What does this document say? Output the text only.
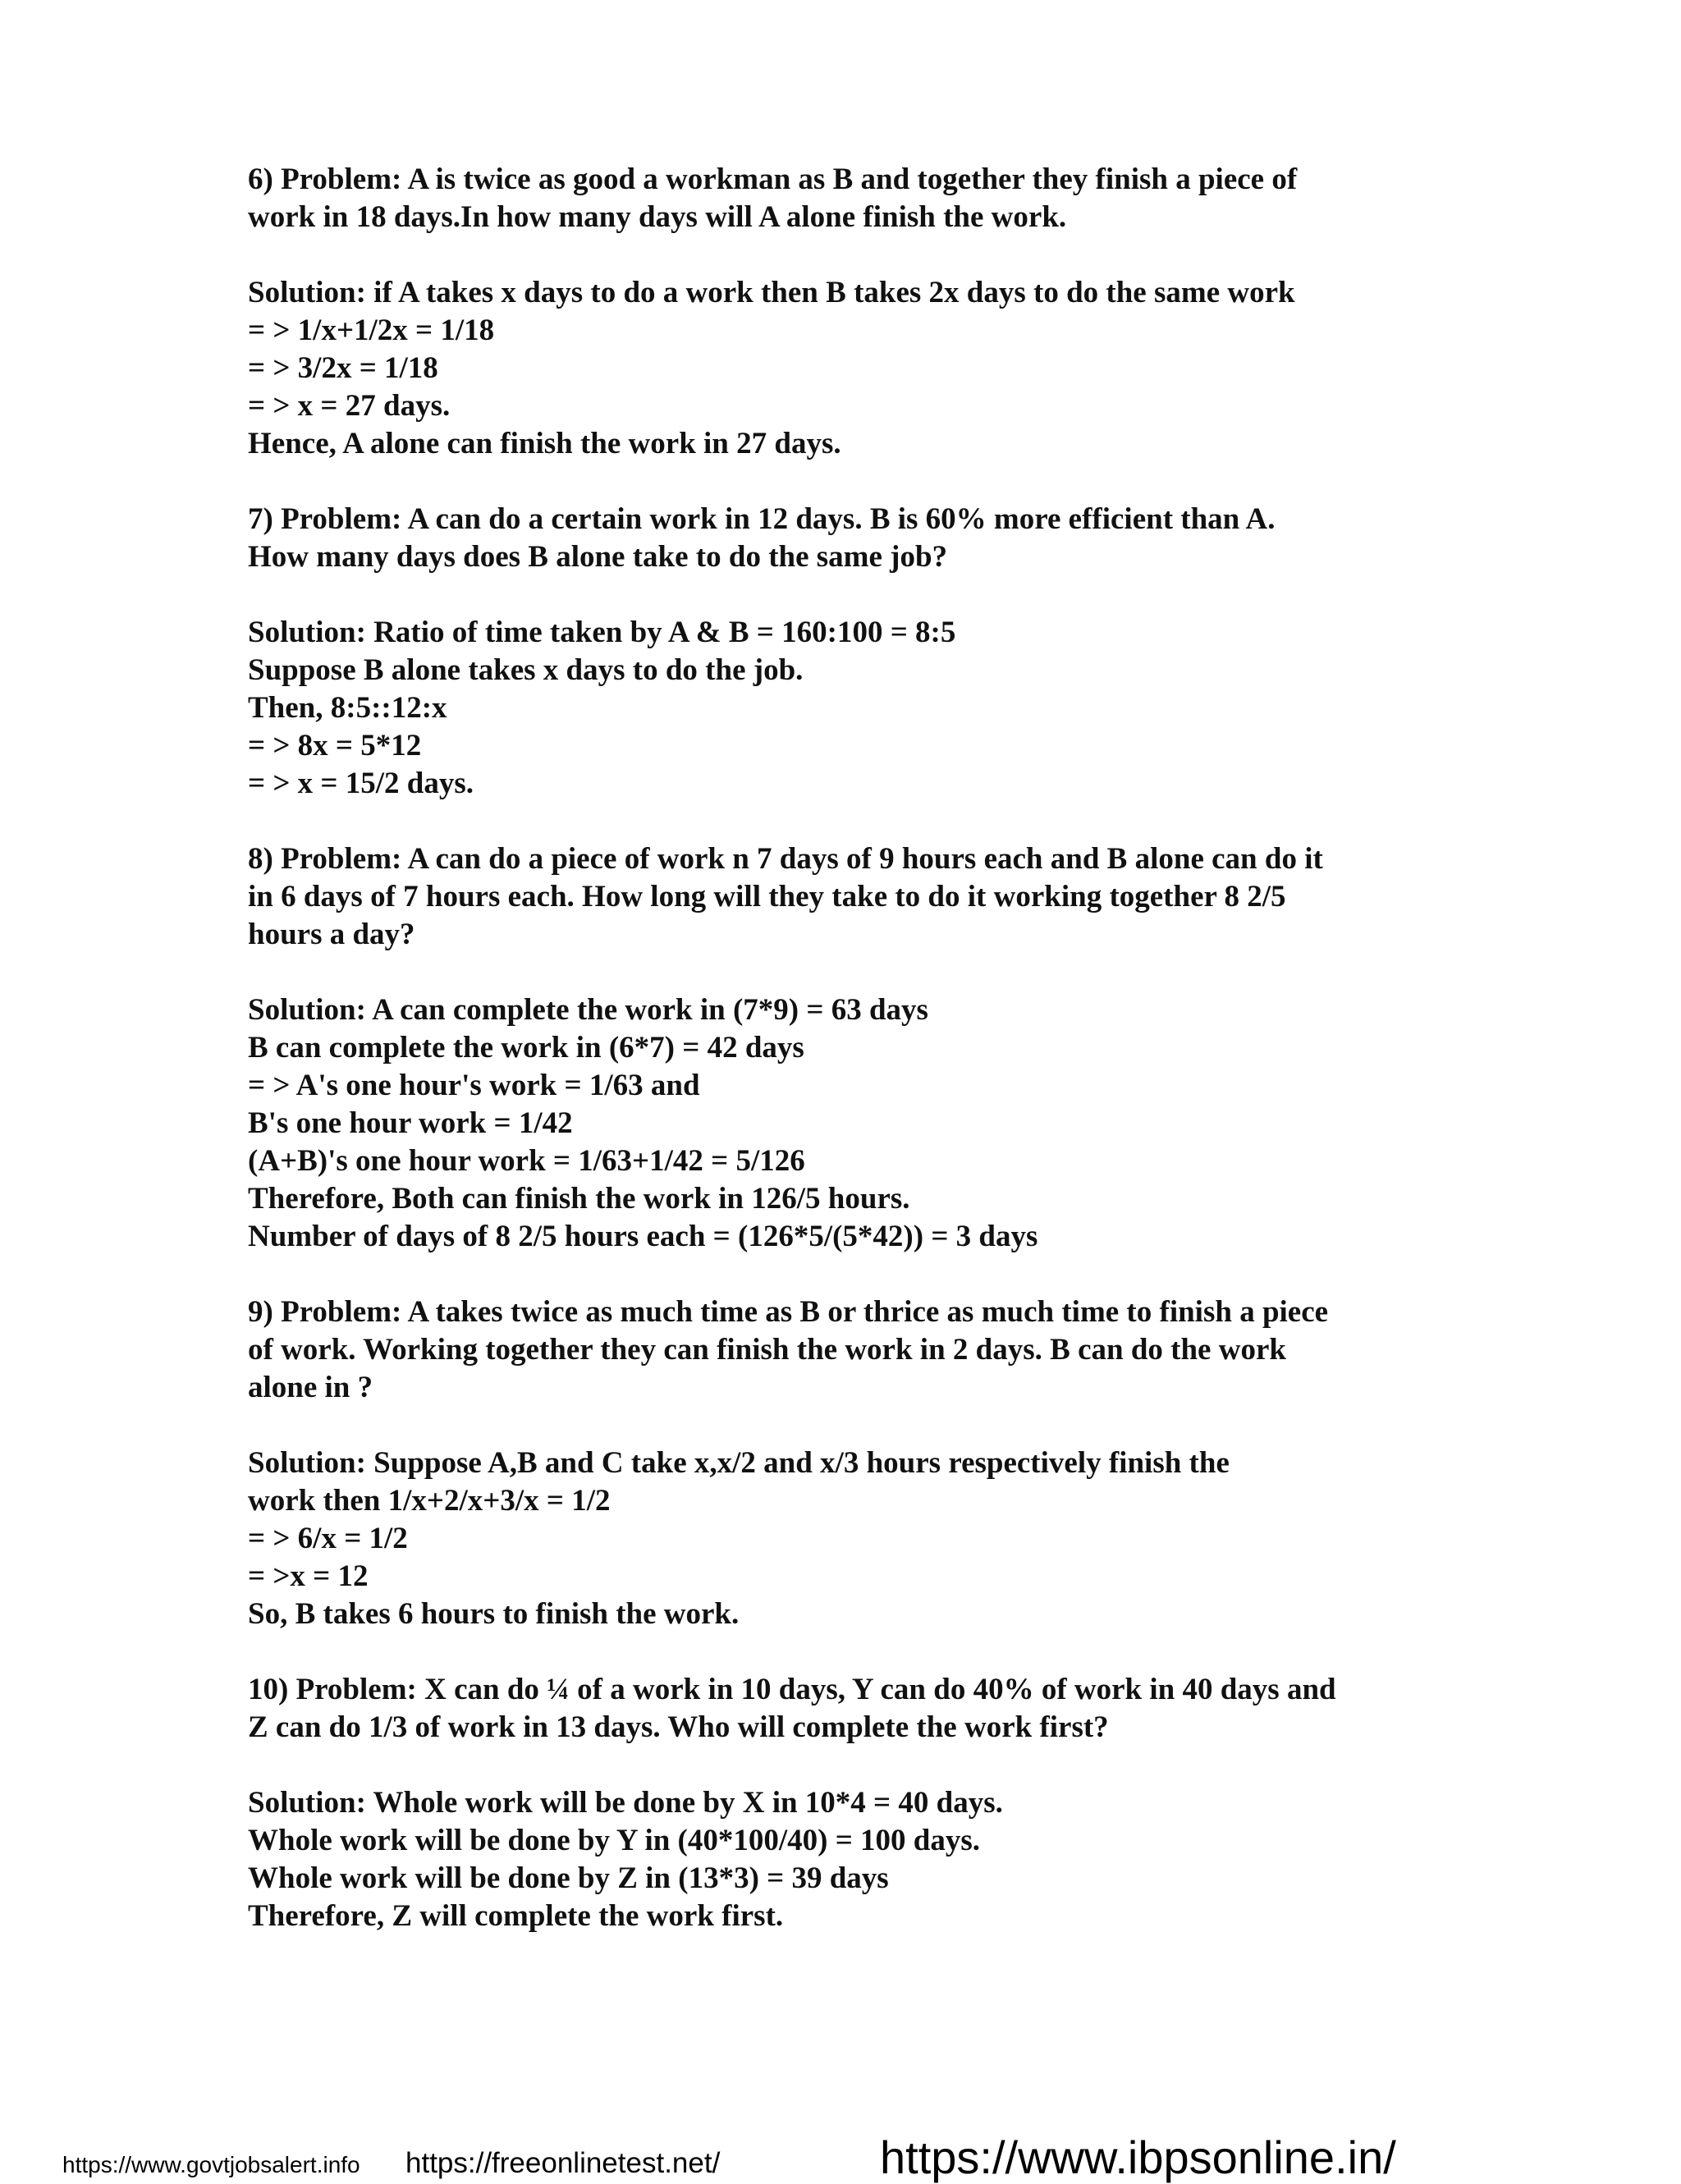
6) Problem: A is twice as good a workman as B and together they finish a piece of
work in 18 days.In how many days will A alone finish the work.
Solution: if A takes x days to do a work then B takes 2x days to do the same work
= > 1/x+1/2x = 1/18
= > 3/2x = 1/18
= > x = 27 days.
Hence, A alone can finish the work in 27 days.
7) Problem: A can do a certain work in 12 days. B is 60% more efficient than A.
How many days does B alone take to do the same job?
Solution: Ratio of time taken by A & B = 160:100 = 8:5
Suppose B alone takes x days to do the job.
Then, 8:5::12:x
= > 8x = 5*12
= > x = 15/2 days.
8) Problem: A can do a piece of work n 7 days of 9 hours each and B alone can do it
in 6 days of 7 hours each. How long will they take to do it working together 8 2/5
hours a day?
Solution: A can complete the work in (7*9) = 63 days
B can complete the work in (6*7) = 42 days
= > A's one hour's work = 1/63 and
B's one hour work = 1/42
(A+B)'s one hour work = 1/63+1/42 = 5/126
Therefore, Both can finish the work in 126/5 hours.
Number of days of 8 2/5 hours each = (126*5/(5*42)) = 3 days
9) Problem: A takes twice as much time as B or thrice as much time to finish a piece
of work. Working together they can finish the work in 2 days. B can do the work
alone in ?
Solution: Suppose A,B and C take x,x/2 and x/3 hours respectively finish the
work then 1/x+2/x+3/x = 1/2
= > 6/x = 1/2
= >x = 12
So, B takes 6 hours to finish the work.
10) Problem: X can do ¼ of a work in 10 days, Y can do 40% of work in 40 days and
Z can do 1/3 of work in 13 days. Who will complete the work first?
Solution: Whole work will be done by X in 10*4 = 40 days.
Whole work will be done by Y in (40*100/40) = 100 days.
Whole work will be done by Z in (13*3) = 39 days
Therefore, Z will complete the work first.
https://www.govtjobsalert.info	https://freeonlinetest.net/	https://www.ibpsonline.in/
